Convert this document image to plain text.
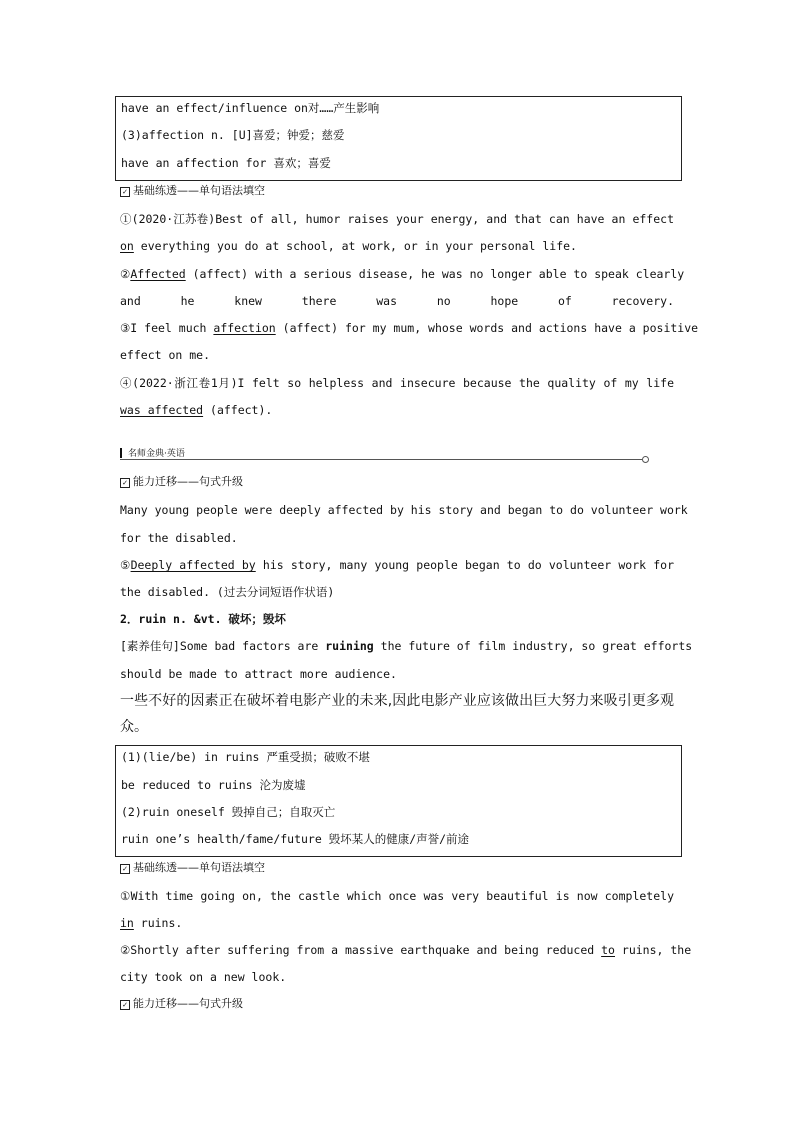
have an effect/influence on对……产生影响
(3)affection n. [U]喜爱；钟爱；慈爱
have an affection for 喜欢；喜爱
✓ 基础练透——单句语法填空
①(2020·江苏卷)Best of all, humor raises your energy, and that can have an effect
on everything you do at school, at work, or in your personal life.
②Affected (affect) with a serious disease, he was no longer able to speak clearly
and he knew there was no hope of recovery.
③I feel much affection (affect) for my mum, whose words and actions have a positive
effect on me.
④(2022·浙江卷1月)I felt so helpless and insecure because the quality of my life
was affected (affect).
名师金典·英语
✓ 能力迁移——句式升级
Many young people were deeply affected by his story and began to do volunteer work
for the disabled.
⑤Deeply affected by his story, many young people began to do volunteer work for
the disabled. (过去分词短语作状语)
2．ruin n. &vt. 破坏；毁坏
[素养佳句]Some bad factors are ruining the future of film industry, so great efforts
should be made to attract more audience.
一些不好的因素正在破坏着电影产业的未来,因此电影产业应该做出巨大努力来吸引更多观
众。
(1)(lie/be) in ruins 严重受损；破败不堪
be reduced to ruins 沦为废墟
(2)ruin oneself 毁掉自己；自取灭亡
ruin one’s health/fame/future 毁坏某人的健康/声誉/前途
✓ 基础练透——单句语法填空
①With time going on, the castle which once was very beautiful is now completely
in ruins.
②Shortly after suffering from a massive earthquake and being reduced to ruins, the
city took on a new look.
✓ 能力迁移——句式升级
